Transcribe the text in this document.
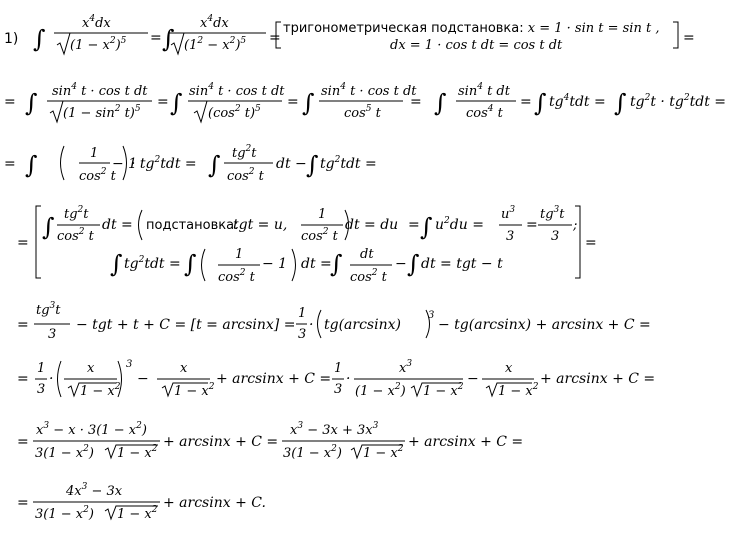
1) ∫
$x^4dx$
$(1 - x^2)^5$ = ∫
$x^4dx$
$(1^2 - x^2)^5$ =
тригонометрическая подстановка: x = 1 · sin t = sin t ,
dx = 1 · cos t dt = cos t dt	=
= ∫ $\sin^4 t \cdot \cos t$ dt
$(1 - \sin^2 t)^5$ = ∫ $\sin^4 t \cdot \cos t$ dt
($\cos^2$ t)$^5$ = ∫ $\sin^4 t \cdot \cos t$ dt
$\cos^5 t$
= ∫ $\sin^4 t$ dt
$\cos^4 t$
= ∫ $tg^4tdt$ = ∫ $tg^2t \cdot tg^2tdt$ =
= ∫	1
$\cos^2 t$
− 1
· $tg^2tdt$ = ∫ $tg^2t$
$\cos^2 t$
dt − ∫ $tg^2tdt$ =
=
∫ $tg^2t$
$\cos^2 t$
dt = подстановка:
tgt = u,
1
$\cos^2 t$
dt = du = ∫ $u^2du$ =
$u^3$
3
=
$tg^3t$
3
;
∫ $tg^2tdt$ = ∫	1
$\cos^2 t$
− 1 dt =
∫ dt
$\cos^2 t$
− ∫ dt = tgt − t
=
=
$tg^3t$
3
− tgt + t + C = [t = arcsinx] =
1
3
· tg(arcsinx)
3
− tg(arcsinx) + arcsinx + C =
=
1
3
·
x
$1 - x^2$
3
−
x
$1 - x^2 + \arcsin x + C$ =
1
3
·
$x^3$
$(1 - x^2)$ $1 - x^2$ −
x
$1 - x^2 + \arcsin x + C$ =
=
$x^3 - x \cdot 3(1 - x^2)$
$3(1 - x^2)$ $1 - x^2 + \arcsin x + C$ =
$x^3 - 3x + 3x^3$
$3(1 - x^2)$ $1 - x^2 + \arcsin x + C$ =
=
$4x^3 - 3x$
$3(1 - x^2)$ $1 - x^2 + \arcsin x + C$.
